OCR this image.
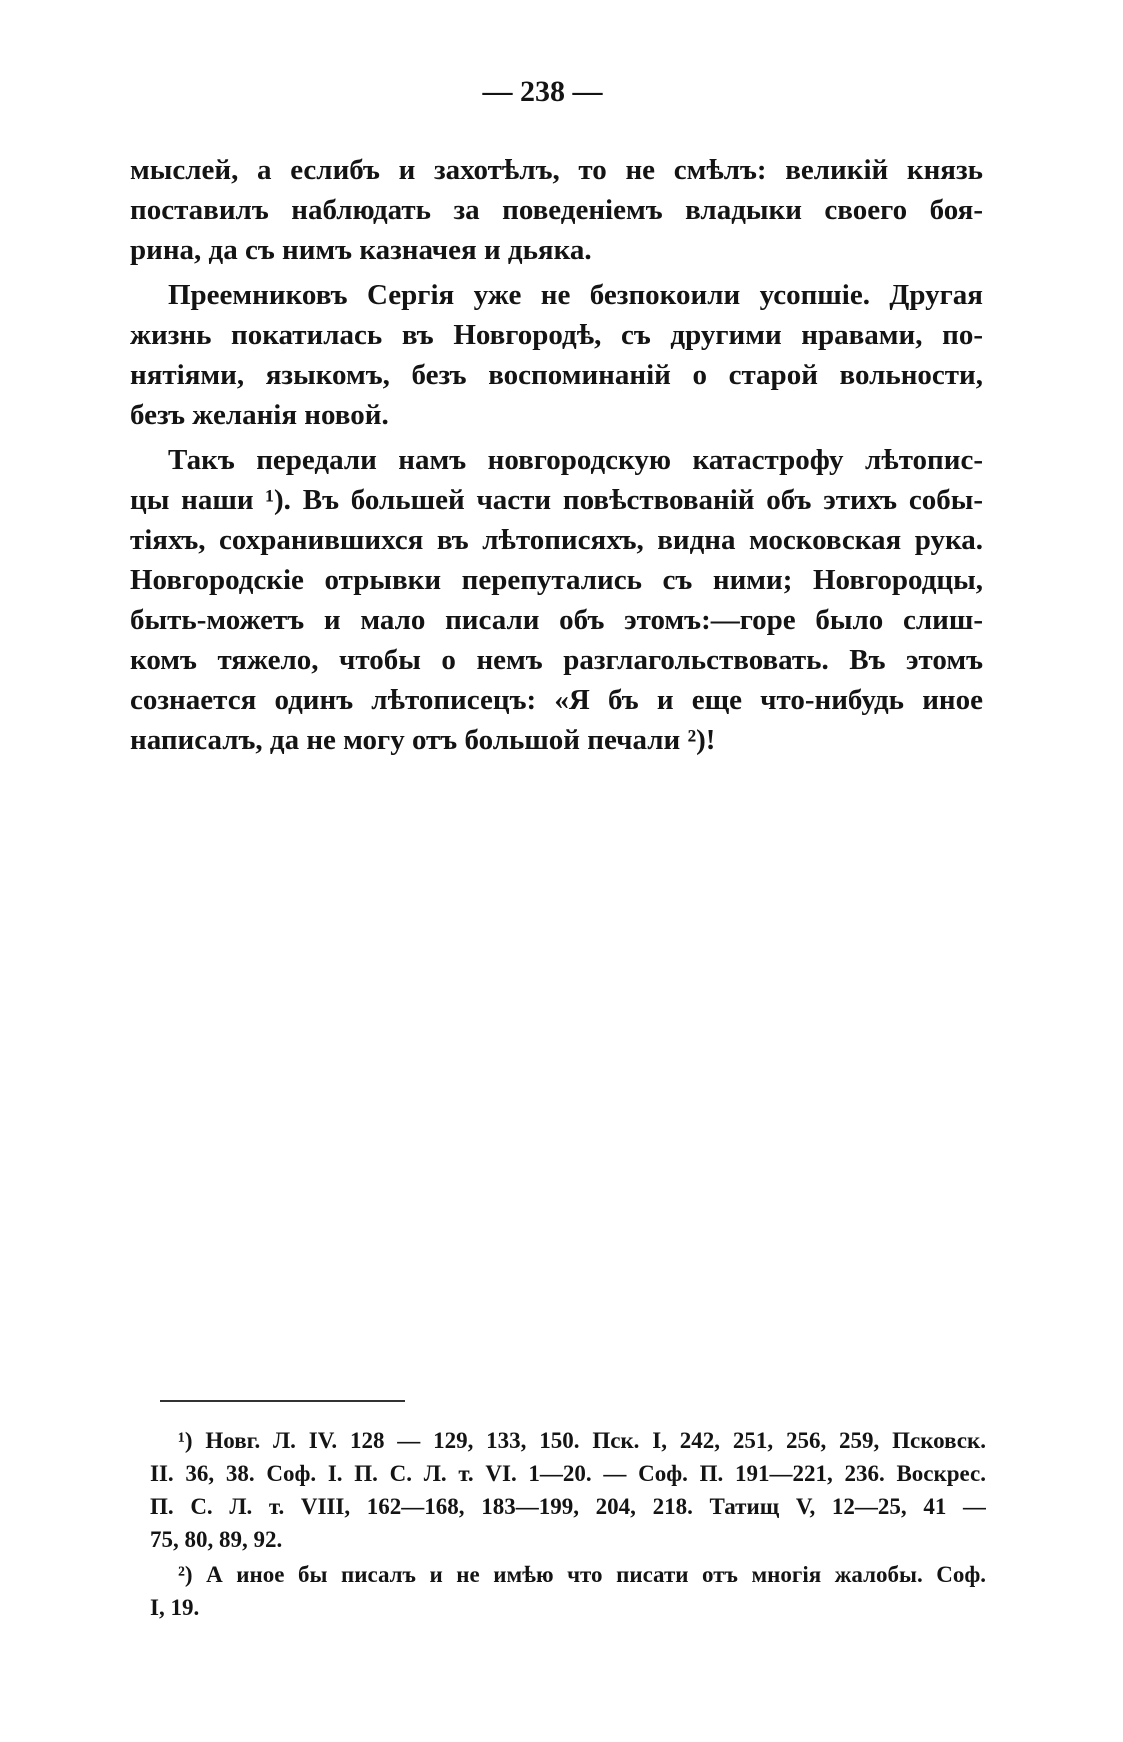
— 238 —
мыслей, а еслибъ и захотѣлъ, то не смѣлъ: великій князь
поставилъ наблюдать за поведеніемъ владыки своего боя-
рина, да съ нимъ казначея и дьяка.
Преемниковъ Сергія уже не безпокоили усопшіе. Другая
жизнь покатилась въ Новгородѣ, съ другими нравами, по-
нятіями, языкомъ, безъ воспоминаній о старой вольности,
безъ желанія новой.
Такъ передали намъ новгородскую катастрофу лѣтопис-
цы наши ¹). Въ большей части повѣствованій объ этихъ собы-
тіяхъ, сохранившихся въ лѣтописяхъ, видна московская рука.
Новгородскіе отрывки перепутались съ ними; Новгородцы,
быть-можетъ и мало писали объ этомъ:—горе было слиш-
комъ тяжело, чтобы о немъ разглагольствовать. Въ этомъ
сознается одинъ лѣтописецъ: «Я бъ и еще что-нибудь иное
написалъ, да не могу отъ большой печали ²)!
¹) Новг. Л. IV. 128 — 129, 133, 150. Пск. I, 242, 251, 256, 259, Псковск.
II. 36, 38. Соф. I. П. С. Л. т. VI. 1—20. — Соф. П. 191—221, 236. Воскрес.
П. С. Л. т. VIII, 162—168, 183—199, 204, 218. Татищ V, 12—25, 41 —
75, 80, 89, 92.
²) А иное бы писалъ и не имѣю что писати отъ многія жалобы. Соф.
I, 19.
